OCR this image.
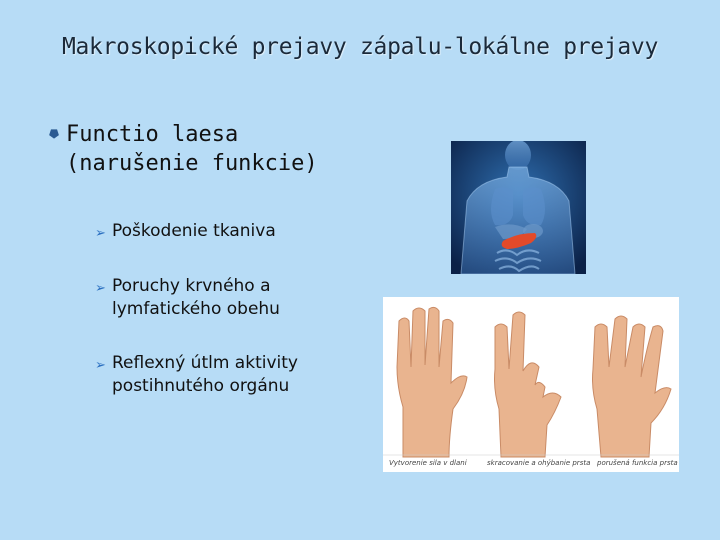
Makroskopické prejavy zápalu-lokálne prejavy
⯂ Functio laesa (narušenie funkcie)
➢ Poškodenie tkaniva
➢ Poruchy krvného a lymfatického obehu
➢ Reflexný útlm aktivity postihnutého orgánu
Vytvorenie sila v dlani	skracovanie a ohýbanie prsta porušená funkcia prsta
